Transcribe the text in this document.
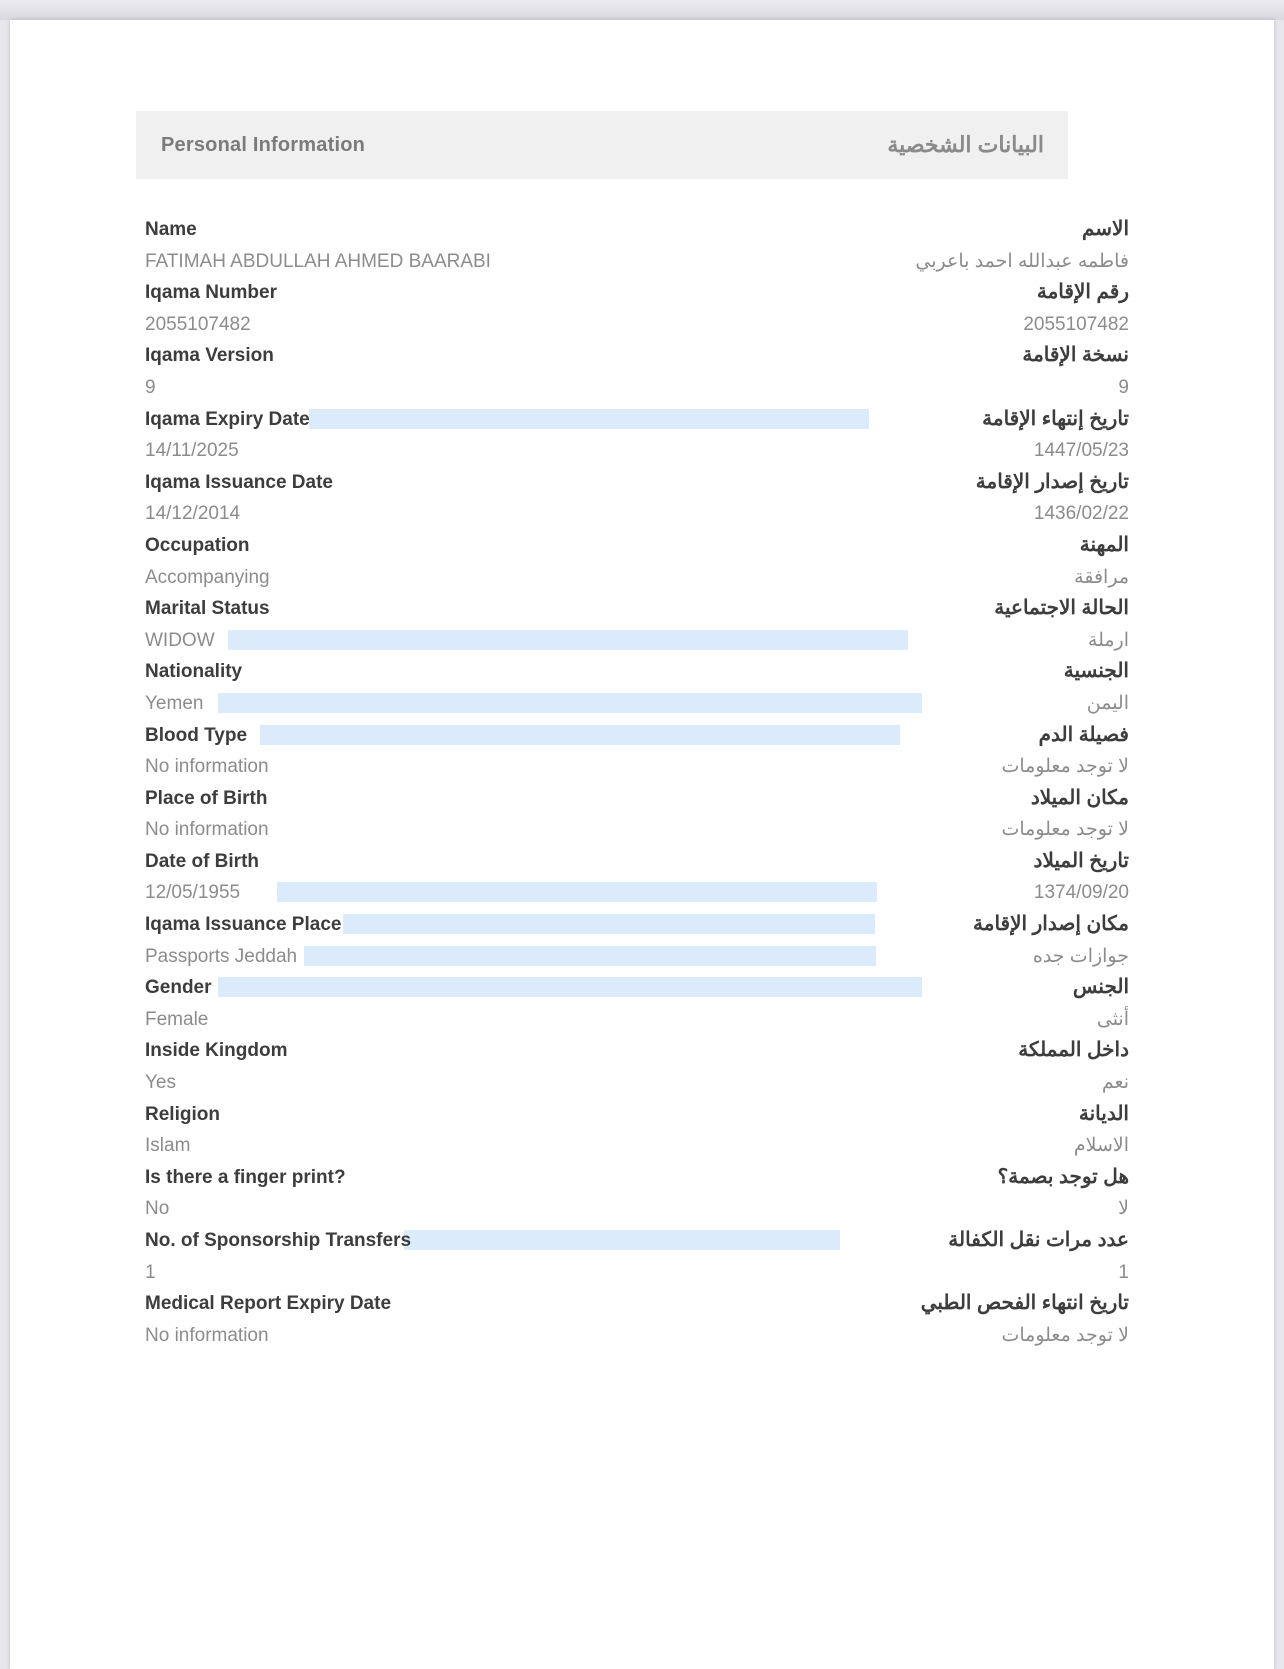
Personal Information	البيانات الشخصية
Name	الاسم
FATIMAH ABDULLAH AHMED BAARABI	فاطمه عبدالله احمد باعربي
Iqama Number	رقم الإقامة
2055107482	2055107482
Iqama Version	نسخة الإقامة
9	9
Iqama Expiry Date	تاريخ إنتهاء الإقامة
14/11/2025	1447/05/23
Iqama Issuance Date	تاريخ إصدار الإقامة
14/12/2014	1436/02/22
Occupation	المهنة
Accompanying	مرافقة
Marital Status	الحالة الاجتماعية
WIDOW	ارملة
Nationality	الجنسية
Yemen	اليمن
Blood Type	فصيلة الدم
No information	لا توجد معلومات
Place of Birth	مكان الميلاد
No information	لا توجد معلومات
Date of Birth	تاريخ الميلاد
12/05/1955	1374/09/20
Iqama Issuance Place	مكان إصدار الإقامة
Passports Jeddah	جوازات جده
Gender	الجنس
Female	أنثى
Inside Kingdom	داخل المملكة
Yes	نعم
Religion	الديانة
Islam	الاسلام
Is there a finger print?	هل توجد بصمة؟
No	لا
No. of Sponsorship Transfers	عدد مرات نقل الكفالة
1	1
Medical Report Expiry Date	تاريخ انتهاء الفحص الطبي
No information	لا توجد معلومات
